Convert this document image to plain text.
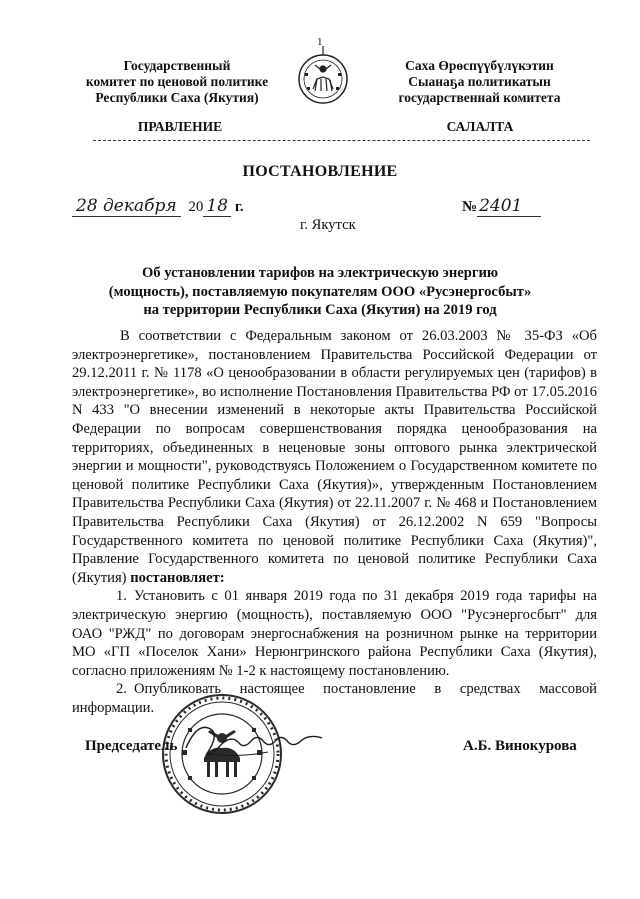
1
Государственный
комитет по ценовой политике
Республики Саха (Якутия)
Саха Өрөспүүбүлүкэтин
Сыанаҕа политикатын
государственнай комитета
ПРАВЛЕНИЕ	САЛАЛТА
ПОСТАНОВЛЕНИЕ
28 декабря 20 18 г.	№ 2401
г. Якутск
Об установлении тарифов на электрическую энергию (мощность), поставляемую покупателям ООО «Русэнергосбыт» на территории Республики Саха (Якутия) на 2019 год

В соответствии с Федеральным законом от 26.03.2003 № 35-ФЗ «Об электроэнергетике», постановлением Правительства Российской Федерации от 29.12.2011 г. № 1178 «О ценообразовании в области регулируемых цен (тарифов) в электроэнергетике», во исполнение Постановления Правительства РФ от 17.05.2016 N 433 "О внесении изменений в некоторые акты Правительства Российской Федерации по вопросам совершенствования порядка ценообразования на территориях, объединенных в неценовые зоны оптового рынка электрической энергии и мощности", руководствуясь Положением о Государственном комитете по ценовой политике Республики Саха (Якутия)», утвержденным Постановлением Правительства Республики Саха (Якутия) от 22.11.2007 г. № 468 и Постановлением Правительства Республики Саха (Якутия) от 26.12.2002 N 659 "Вопросы Государственного комитета по ценовой политике Республики Саха (Якутия)", Правление Государственного комитета по ценовой политике Республики Саха (Якутия) постановляет:

1. Установить с 01 января 2019 года по 31 декабря 2019 года тарифы на электрическую энергию (мощность), поставляемую ООО "Русэнергосбыт" для ОАО "РЖД" по договорам энергоснабжения на розничном рынке на территории МО «ГП «Поселок Хани» Нерюнгринского района Республики Саха (Якутия), согласно приложениям № 1-2 к настоящему постановлению.

2. Опубликовать настоящее постановление в средствах массовой информации.

Председатель	А.Б. Винокурова
